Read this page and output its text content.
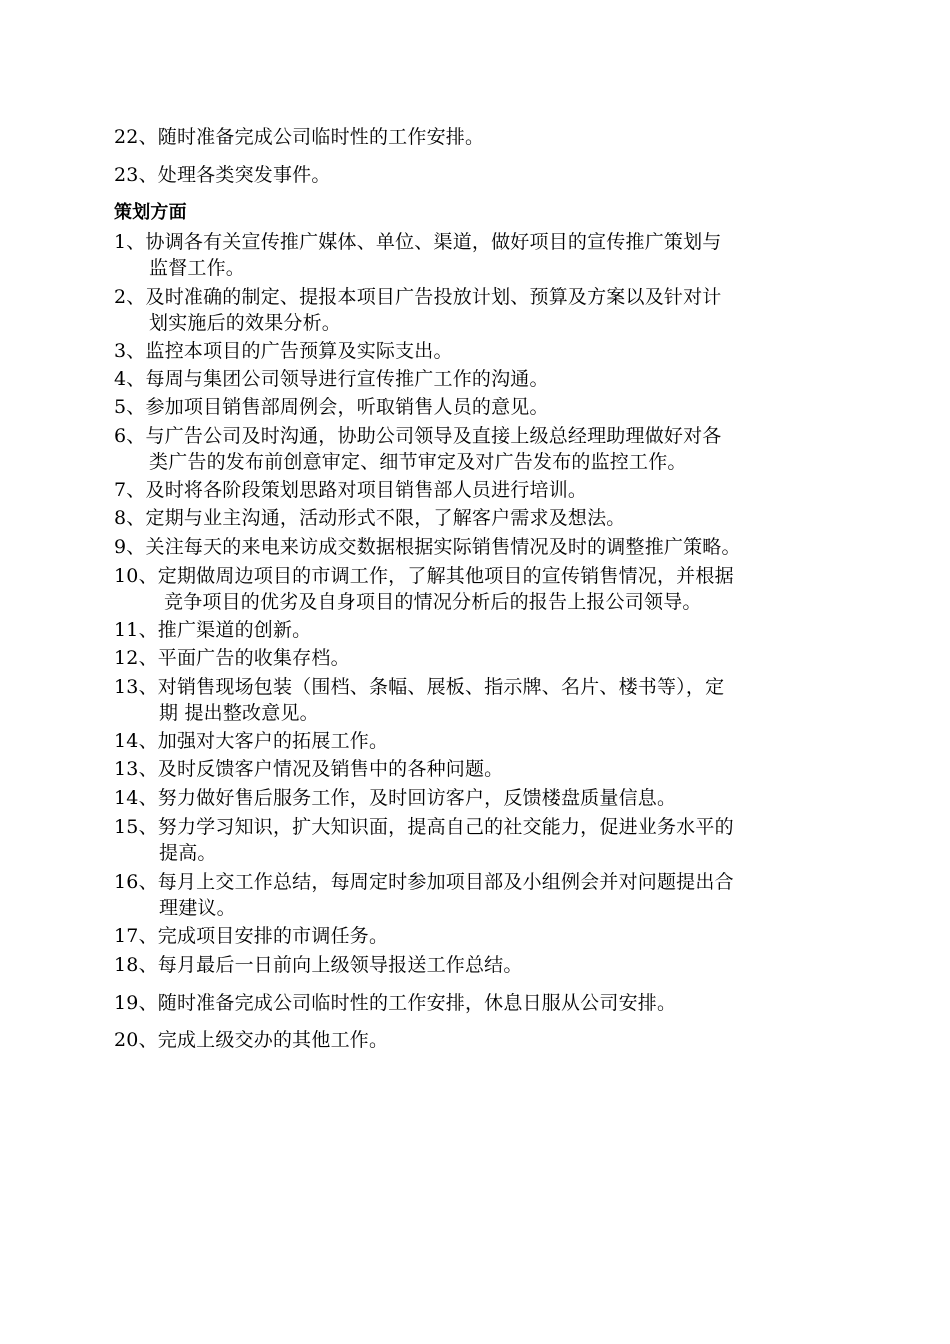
22、随时准备完成公司临时性的工作安排。
23、处理各类突发事件。
策划方面
1、协调各有关宣传推广媒体、单位、渠道，做好项目的宣传推广策划与
监督工作。
2、及时准确的制定、提报本项目广告投放计划、预算及方案以及针对计
划实施后的效果分析。
3、监控本项目的广告预算及实际支出。
4、每周与集团公司领导进行宣传推广工作的沟通。
5、参加项目销售部周例会，听取销售人员的意见。
6、与广告公司及时沟通，协助公司领导及直接上级总经理助理做好对各
类广告的发布前创意审定、细节审定及对广告发布的监控工作。
7、及时将各阶段策划思路对项目销售部人员进行培训。
8、定期与业主沟通，活动形式不限，了解客户需求及想法。
9、关注每天的来电来访成交数据根据实际销售情况及时的调整推广策略。
10、定期做周边项目的市调工作，了解其他项目的宣传销售情况，并根据
竞争项目的优劣及自身项目的情况分析后的报告上报公司领导。
11、推广渠道的创新。
12、平面广告的收集存档。
13、对销售现场包装（围档、条幅、展板、指示牌、名片、楼书等），定
期 提出整改意见。
14、加强对大客户的拓展工作。
13、及时反馈客户情况及销售中的各种问题。
14、努力做好售后服务工作，及时回访客户，反馈楼盘质量信息。
15、努力学习知识，扩大知识面，提高自己的社交能力，促进业务水平的
提高。
16、每月上交工作总结，每周定时参加项目部及小组例会并对问题提出合
理建议。
17、完成项目安排的市调任务。
18、每月最后一日前向上级领导报送工作总结。
19、随时准备完成公司临时性的工作安排，休息日服从公司安排。
20、完成上级交办的其他工作。
